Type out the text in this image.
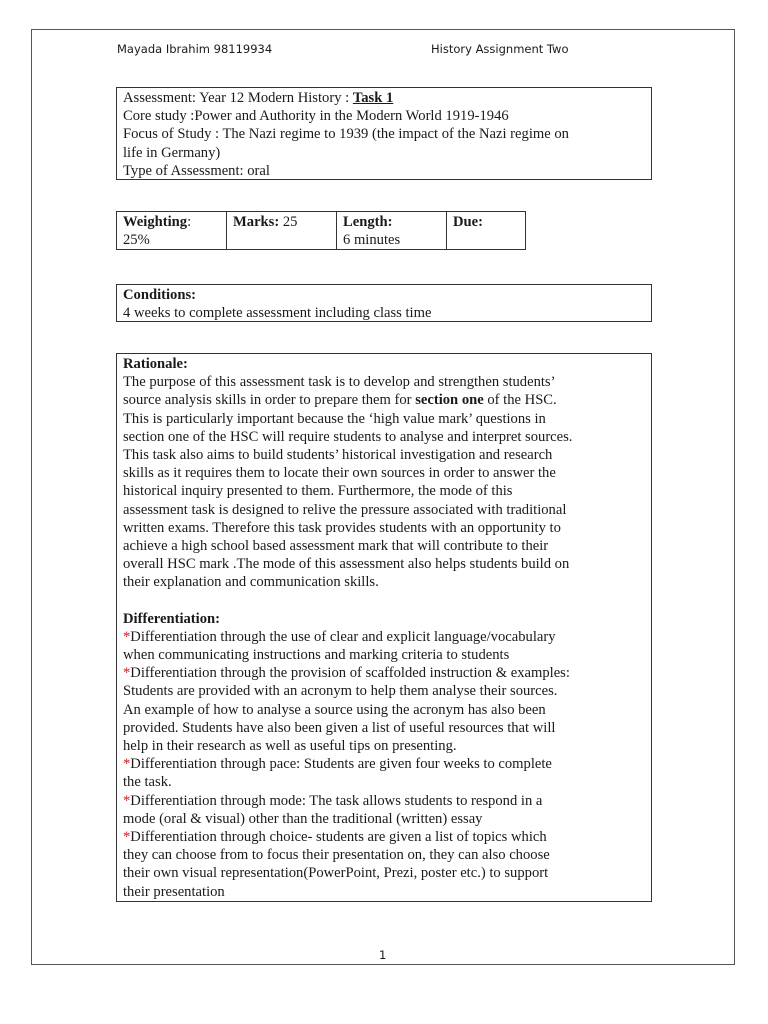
Mayada Ibrahim 98119934	History Assignment Two

Assessment: Year 12 Modern History : Task 1

Core study :Power and Authority in the Modern World 1919-1946

Focus of Study : The Nazi regime to 1939 (the impact of the Nazi regime on

life in Germany)

Type of Assessment: oral

Weighting:

25%

Marks: 25	Length:

6 minutes

Due:

Conditions:

4 weeks to complete assessment including class time

Rationale:

The purpose of this assessment task is to develop and strengthen students’

source analysis skills in order to prepare them for section one of the HSC.

This is particularly important because the ‘high value mark’ questions in

section one of the HSC will require students to analyse and interpret sources.

This task also aims to build students’ historical investigation and research

skills as it requires them to locate their own sources in order to answer the

historical inquiry presented to them. Furthermore, the mode of this

assessment task is designed to relive the pressure associated with traditional

written exams. Therefore this task provides students with an opportunity to

achieve a high school based assessment mark that will contribute to their

overall HSC mark .The mode of this assessment also helps students build on

their explanation and communication skills.

Differentiation:

*Differentiation through the use of clear and explicit language/vocabulary

when communicating instructions and marking criteria to students

*Differentiation through the provision of scaffolded instruction & examples:

Students are provided with an acronym to help them analyse their sources.

An example of how to analyse a source using the acronym has also been

provided. Students have also been given a list of useful resources that will

help in their research as well as useful tips on presenting.

*Differentiation through pace: Students are given four weeks to complete

the task.

*Differentiation through mode: The task allows students to respond in a

mode (oral & visual) other than the traditional (written) essay

*Differentiation through choice- students are given a list of topics which

they can choose from to focus their presentation on, they can also choose

their own visual representation(PowerPoint, Prezi, poster etc.) to support

their presentation

1
